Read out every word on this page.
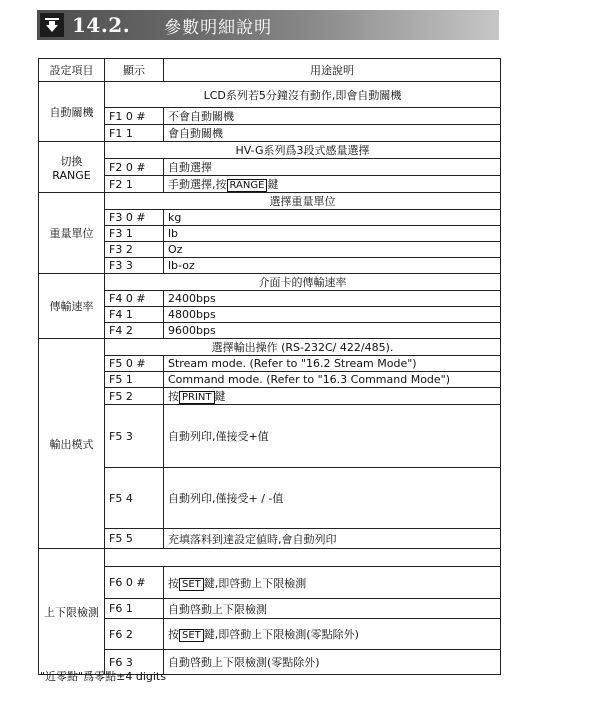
14.2. 參數明細說明
設定項目	顯示	用途說明
自動關機	LCD系列若5分鐘沒有動作,即會自動關機	
	F1 0 #	不會自動關機
	F1 1	會自動關機

切換
RANGE	HV-G系列爲3段式感量選擇	
	F2 0 #	自動選擇
	F2 1	手動選擇,按 RANGE 鍵
重量單位	選擇重量單位	
	F3 0 #	kg
	F3 1	lb
	F3 2	Oz
	F3 3	lb-oz
傳輸速率	介面卡的傳輸速率	
	F4 0 #	2400bps
	F4 1	4800bps
	F4 2	9600bps
輸出模式	選擇輸出操作 (RS-232C/ 422/485).	
	F5 0 #	Stream mode. (Refer to "16.2 Stream Mode")
	F5 1	Command mode. (Refer to "16.3 Command Mode")
	F5 2	按 PRINT 鍵
	F5 3	自動列印,僅接受+值
	F5 4	自動列印,僅接受+ / -值
	F5 5	充填落料到達設定値時,會自動列印
上下限檢測		
	F6 0 #	按 SET 鍵,即啓動上下限檢測
	F6 1	自動啓動上下限檢測
	F6 2	按 SET 鍵,即啓動上下限檢測(零點除外)
	F6 3	自動啓動上下限檢測(零點除外)
"近零點"爲零點±4 digits
